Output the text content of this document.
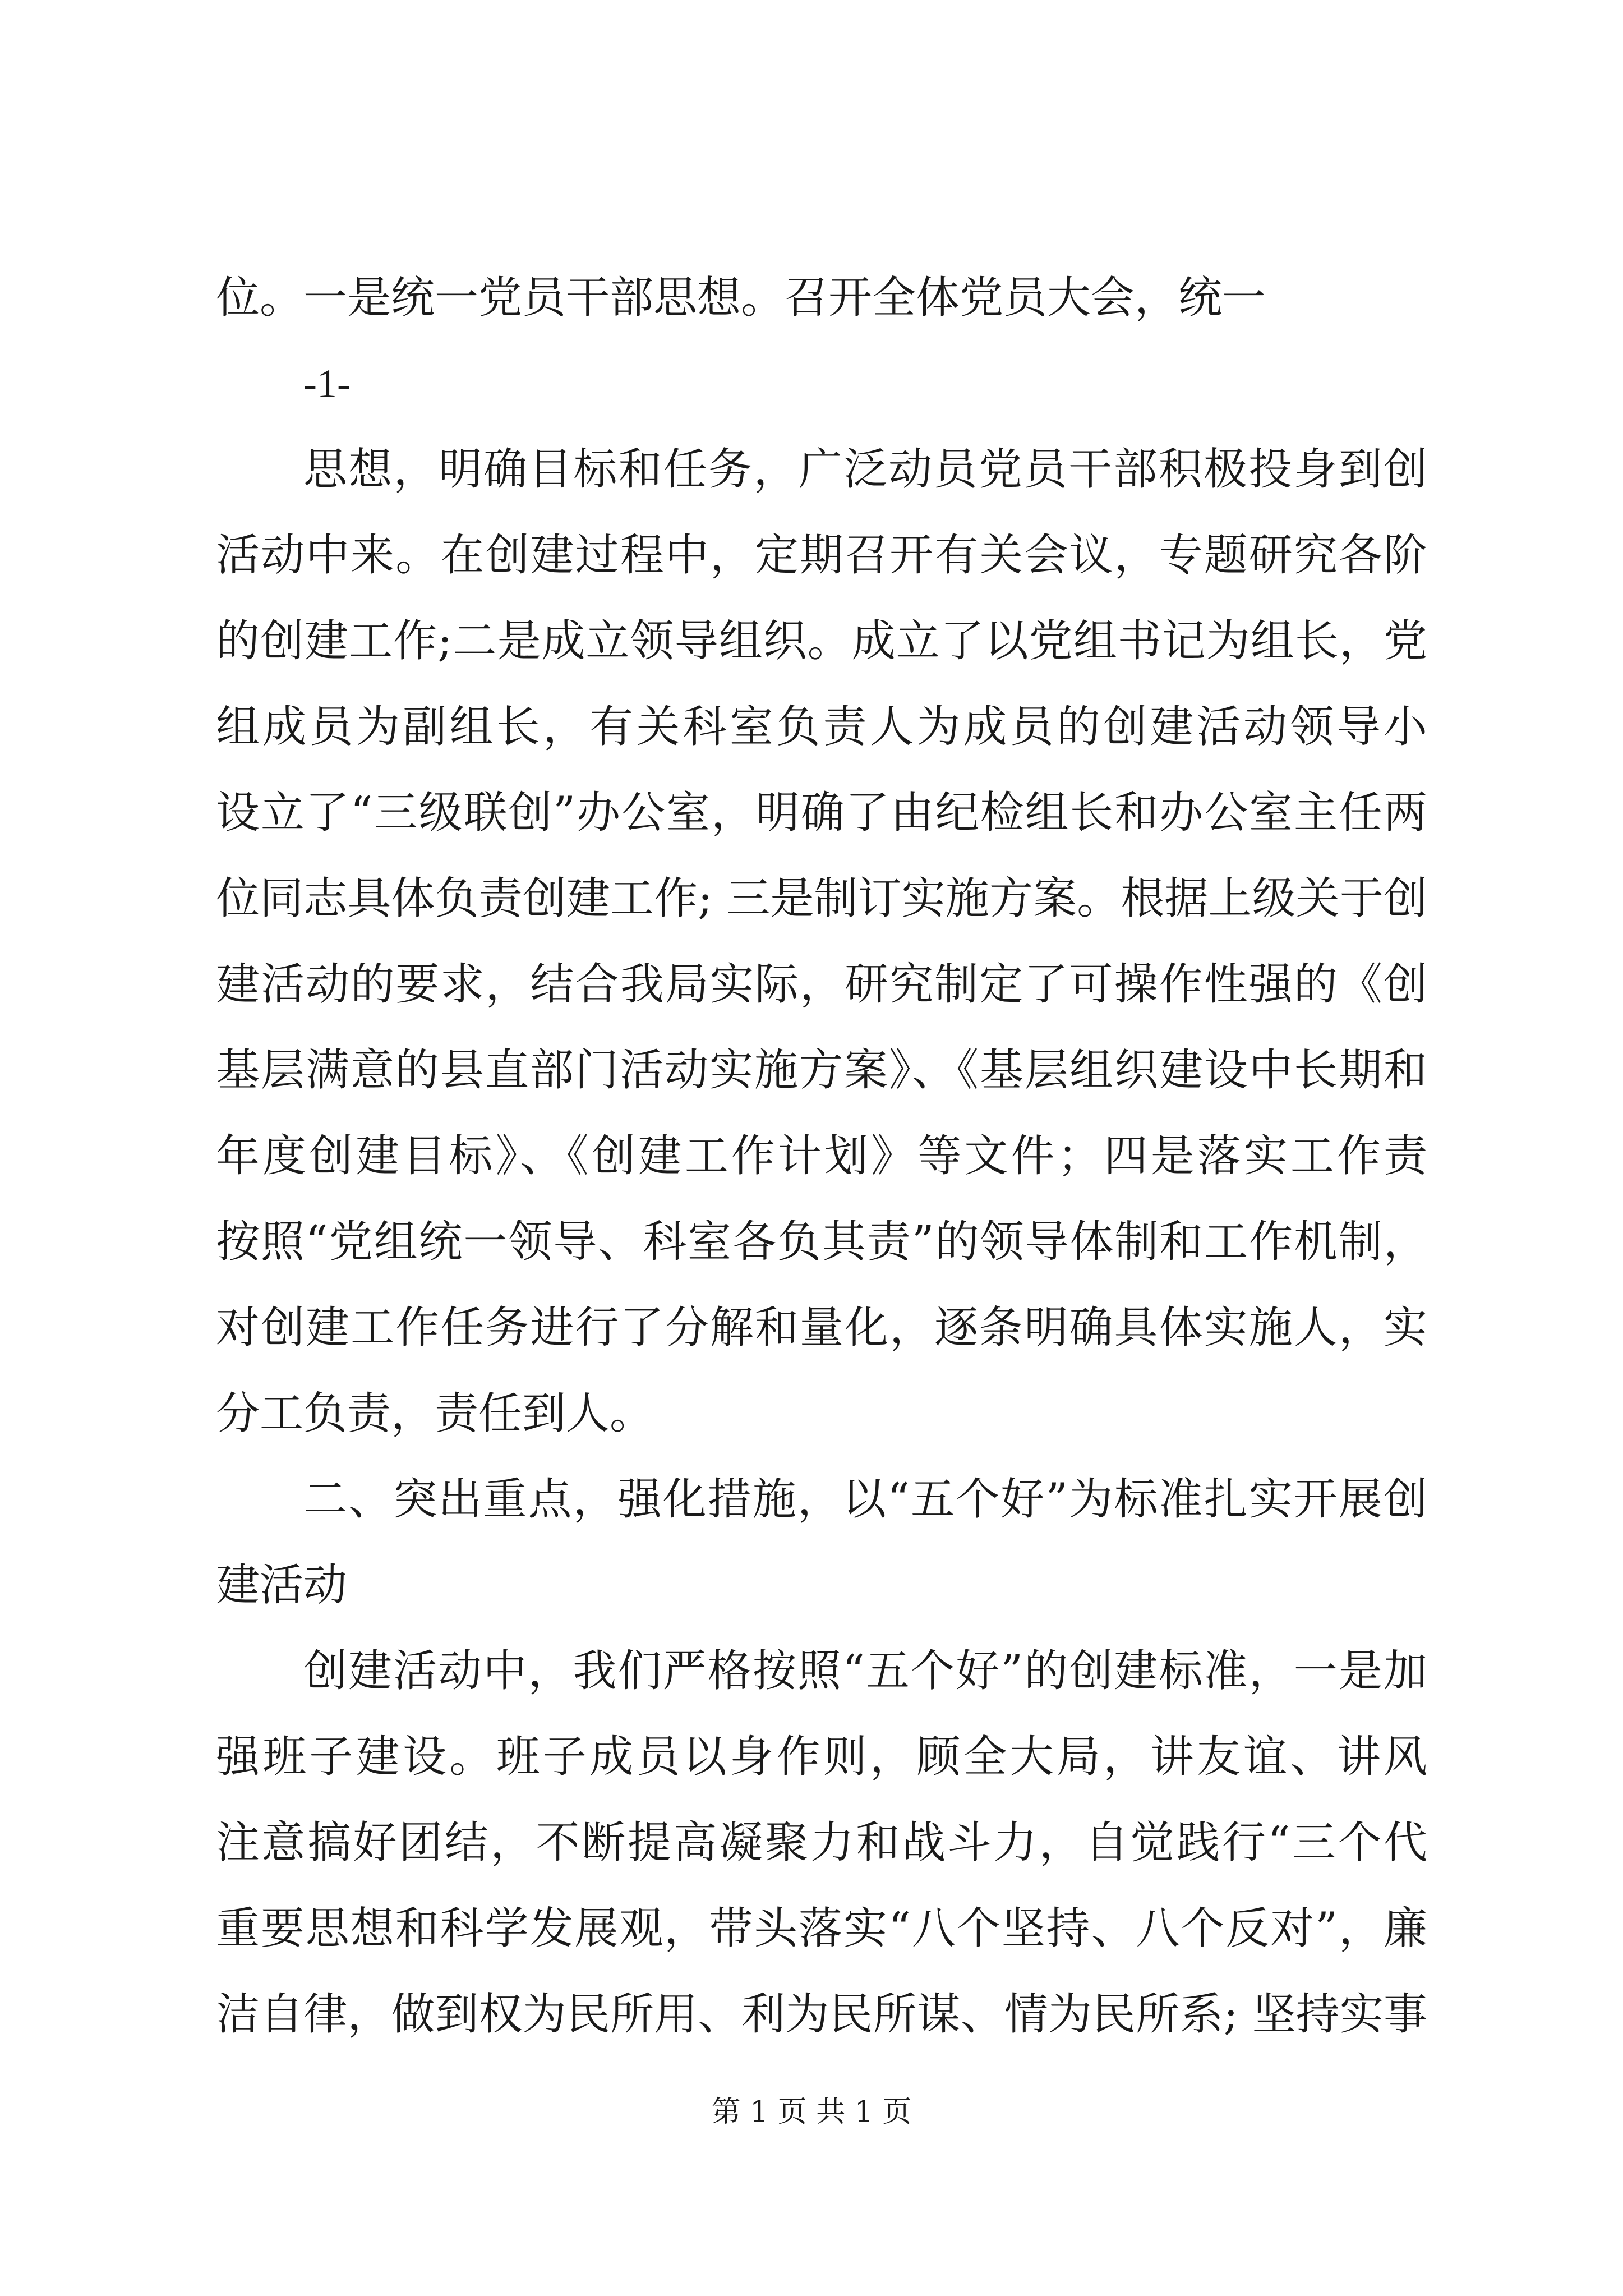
位。一是统一党员干部思想。召开全体党员大会，统一
-1-
思想，明确目标和任务，广泛动员党员干部积极投身到创
活动中来。在创建过程中，定期召开有关会议，专题研究各阶
的创建工作;二是成立领导组织。成立了以党组书记为组长，党
组成员为副组长，有关科室负责人为成员的创建活动领导小
设立了“三级联创”办公室，明确了由纪检组长和办公室主任两
位同志具体负责创建工作; 三是制订实施方案。根据上级关于创
建活动的要求，结合我局实际，研究制定了可操作性强的《创
基层满意的县直部门活动实施方案》、《基层组织建设中长期和
年度创建目标》、《创建工作计划》等文件；四是落实工作责
按照“党组统一领导、科室各负其责”的领导体制和工作机制，
对创建工作任务进行了分解和量化，逐条明确具体实施人，实
分工负责，责任到人。
二、突出重点，强化措施，以“五个好”为标准扎实开展创
建活动
创建活动中，我们严格按照“五个好”的创建标准，一是加
强班子建设。班子成员以身作则，顾全大局，讲友谊、讲风
注意搞好团结，不断提高凝聚力和战斗力，自觉践行“三个代
重要思想和科学发展观，带头落实“八个坚持、八个反对”，廉
洁自律，做到权为民所用、利为民所谋、情为民所系; 坚持实事
第 1 页 共 1 页
